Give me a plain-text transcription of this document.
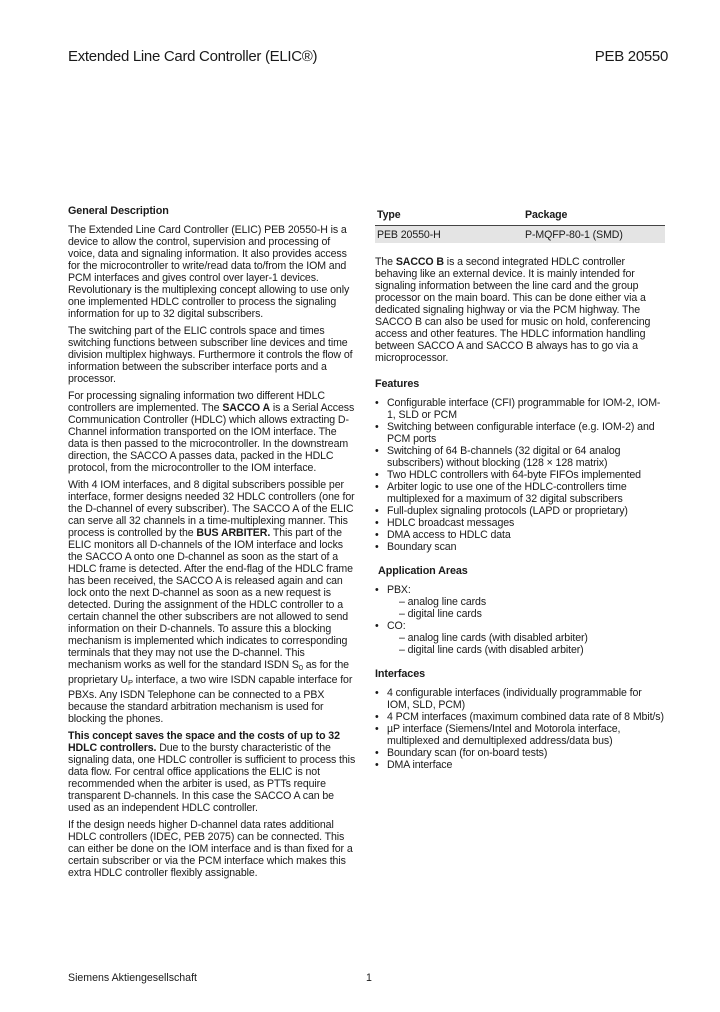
Extended Line Card Controller (ELIC®)	PEB 20550
General Description

The Extended Line Card Controller (ELIC) PEB 20550-H is a device to allow the control, supervision and processing of voice, data and signaling information. It also provides access for the microcontroller to write/read data to/from the IOM and PCM interfaces and gives control over layer-1 devices. Revolutionary is the multiplexing concept allowing to use only one implemented HDLC controller to process the signaling information for up to 32 digital subscribers.

The switching part of the ELIC controls space and times switching functions between subscriber line devices and time division multiplex highways. Furthermore it controls the flow of information between the subscriber interface ports and a processor.

For processing signaling information two different HDLC controllers are implemented. The SACCO A is a Serial Access Communication Controller (HDLC) which allows extracting D-Channel information transported on the IOM interface. The data is then passed to the microcontroller. In the downstream direction, the SACCO A passes data, packed in the HDLC protocol, from the microcontroller to the IOM interface.

With 4 IOM interfaces, and 8 digital subscribers possible per interface, former designs needed 32 HDLC controllers (one for the D-channel of every subscriber). The SACCO A of the ELIC can serve all 32 channels in a time-multiplexing manner. This process is controlled by the BUS ARBITER. This part of the ELIC monitors all D-channels of the IOM interface and locks the SACCO A onto one D-channel as soon as the start of a HDLC frame is detected. After the end-flag of the HDLC frame has been received, the SACCO A is released again and can lock onto the next D-channel as soon as a new request is detected. During the assignment of the HDLC controller to a certain channel the other subscribers are not allowed to send information on their D-channels. To assure this a blocking mechanism is implemented which indicates to corresponding terminals that they may not use the D-channel. This mechanism works as well for the standard ISDN $S_0$ as for the proprietary $U_P$ interface, a two wire ISDN capable interface for PBXs. Any ISDN Telephone can be connected to a PBX because the standard arbitration mechanism is used for blocking the phones.

This concept saves the space and the costs of up to 32 HDLC controllers. Due to the bursty characteristic of the signaling data, one HDLC controller is sufficient to process this data flow. For central office applications the ELIC is not recommended when the arbiter is used, as PTTs require transparent D-channels. In this case the SACCO A can be used as an independent HDLC controller.

If the design needs higher D-channel data rates additional HDLC controllers (IDEC, PEB 2075) can be connected. This can either be done on the IOM interface and is than fixed for a certain subscriber or via the PCM interface which makes this extra HDLC controller flexibly assignable.

Type	Package
PEB 20550-H	P-MQFP-80-1 (SMD)

The SACCO B is a second integrated HDLC controller behaving like an external device. It is mainly intended for signaling information between the line card and the group processor on the main board. This can be done either via a dedicated signaling highway or via the PCM highway. The SACCO B can also be used for music on hold, conferencing access and other features. The HDLC information handling between SACCO A and SACCO B always has to go via a microprocessor.

Features
• Configurable interface (CFI) programmable for IOM-2, IOM-1, SLD or PCM
• Switching between configurable interface (e.g. IOM-2) and PCM ports
• Switching of 64 B-channels (32 digital or 64 analog subscribers) without blocking (128 × 128 matrix)
• Two HDLC controllers with 64-byte FIFOs implemented
• Arbiter logic to use one of the HDLC-controllers time multiplexed for a maximum of 32 digital subscribers
• Full-duplex signaling protocols (LAPD or proprietary)
• HDLC broadcast messages
• DMA access to HDLC data
• Boundary scan
Application Areas
• PBX:
– analog line cards
– digital line cards
• CO:
– analog line cards (with disabled arbiter)
– digital line cards (with disabled arbiter)
Interfaces
• 4 configurable interfaces (individually programmable for IOM, SLD, PCM)
• 4 PCM interfaces (maximum combined data rate of 8 Mbit/s)
• µP interface (Siemens/Intel and Motorola interface, multiplexed and demultiplexed address/data bus)
• Boundary scan (for on-board tests)
• DMA interface
Siemens Aktiengesellschaft	1
